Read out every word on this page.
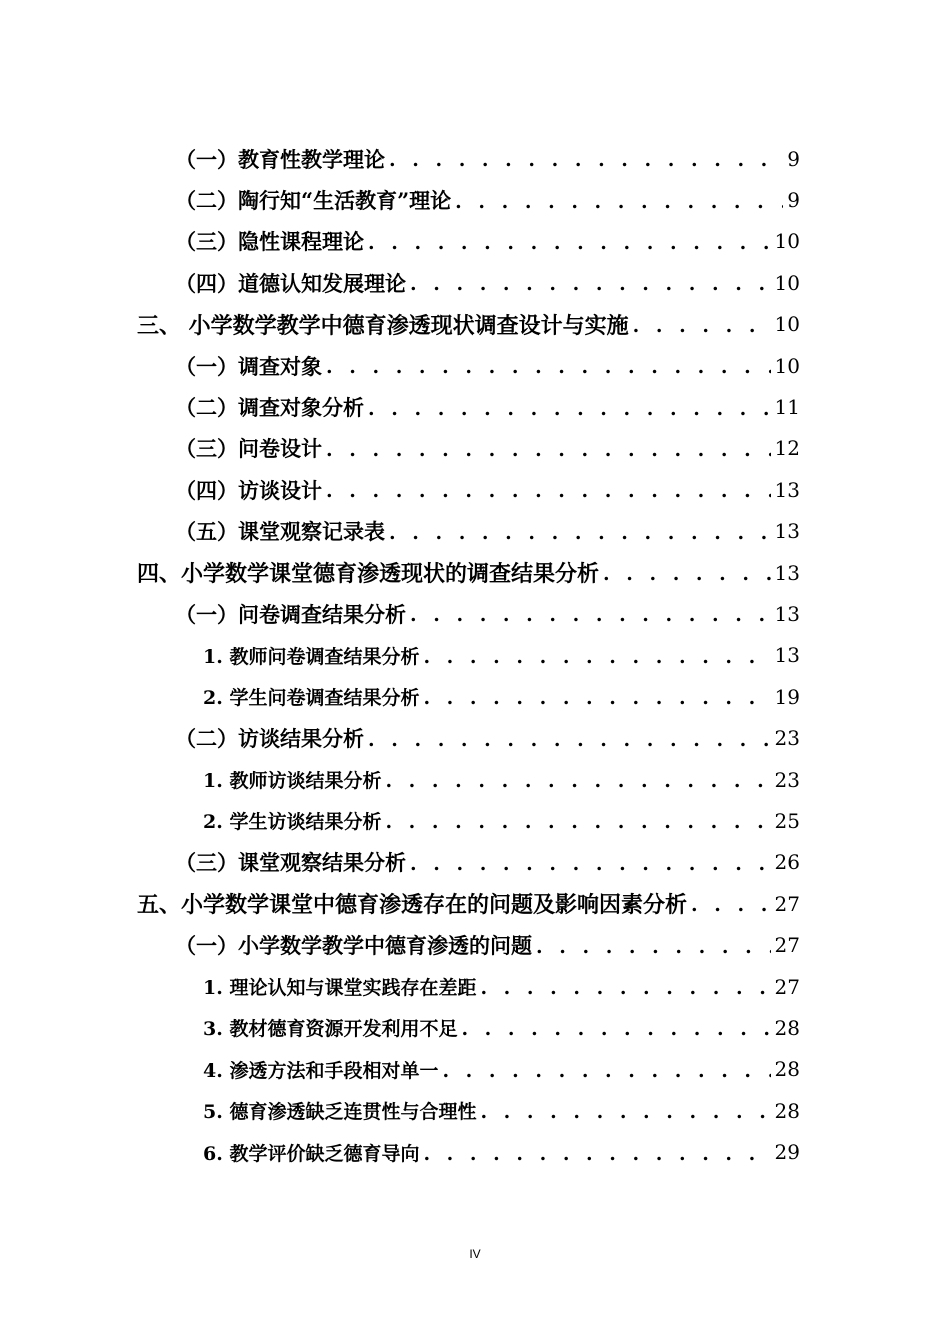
（一）教育性教学理论 . . .	9
（二）陶行知“生活教育”理论 . . .	9
（三）隐性课程理论 . . .	10
（四）道德认知发展理论 . . .	10
三、 小学数学教学中德育渗透现状调查设计与实施 . . .	10
（一）调查对象 . . .	10
（二）调查对象分析 . . .	11
（三）问卷设计 . . .	12
（四）访谈设计 . . .	13
（五）课堂观察记录表 . . .	13
四、小学数学课堂德育渗透现状的调查结果分析 . . .	13
（一）问卷调查结果分析 . . .	13
1. 教师问卷调查结果分析 . . .	13
2. 学生问卷调查结果分析 . . .	19
（二）访谈结果分析 . . .	23
1. 教师访谈结果分析 . . .	23
2. 学生访谈结果分析 . . .	25
（三）课堂观察结果分析 . . .	26
五、小学数学课堂中德育渗透存在的问题及影响因素分析 . . .	27
（一）小学数学教学中德育渗透的问题 . . .	27
1. 理论认知与课堂实践存在差距 . . .	27
3. 教材德育资源开发利用不足 . . .	28
4. 渗透方法和手段相对单一 . . .	28
5. 德育渗透缺乏连贯性与合理性 . . .	28
6. 教学评价缺乏德育导向 . . .	29
IV
